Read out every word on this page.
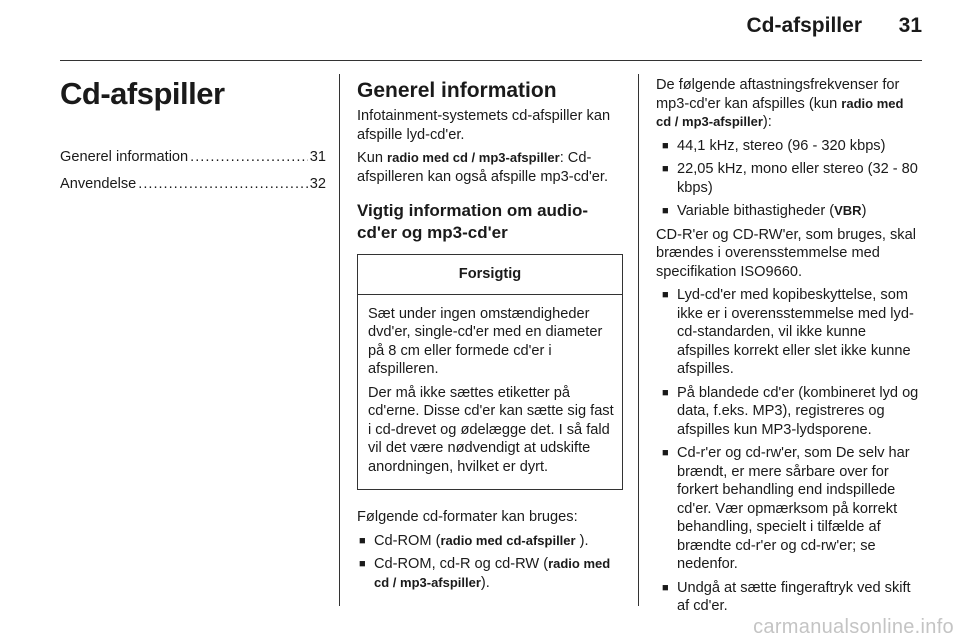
Cd-afspiller 31
Cd-afspiller
Generel information .....	31
Anvendelse .....	32
Generel information
Infotainment-systemets cd-afspiller kan afspille lyd-cd'er.
Kun radio med cd / mp3-afspiller: Cd-afspilleren kan også afspille mp3-cd'er.
Vigtig information om audio-cd'er og mp3-cd'er
Forsigtig
Sæt under ingen omstændigheder dvd'er, single-cd'er med en diameter på 8 cm eller formede cd'er i afspilleren.
Der må ikke sættes etiketter på cd'erne. Disse cd'er kan sætte sig fast i cd-drevet og ødelægge det. I så fald vil det være nødvendigt at udskifte anordningen, hvilket er dyrt.
Følgende cd-formater kan bruges:
■ Cd-ROM (radio med cd-afspiller ).
■ Cd-ROM, cd-R og cd-RW (radio med cd / mp3-afspiller).
De følgende aftastningsfrekvenser for mp3-cd'er kan afspilles (kun radio med cd / mp3-afspiller):
■ 44,1 kHz, stereo (96 - 320 kbps)
■ 22,05 kHz, mono eller stereo (32 - 80 kbps)
■ Variable bithastigheder (VBR)
CD-R'er og CD-RW'er, som bruges, skal brændes i overensstemmelse med specifikation ISO9660.
■ Lyd-cd'er med kopibeskyttelse, som ikke er i overensstemmelse med lyd-cd-standarden, vil ikke kunne afspilles korrekt eller slet ikke kunne afspilles.
■ På blandede cd'er (kombineret lyd og data, f.eks. MP3), registreres og afspilles kun MP3-lydsporene.
■ Cd-r'er og cd-rw'er, som De selv har brændt, er mere sårbare over for forkert behandling end indspillede cd'er. Vær opmærksom på korrekt behandling, specielt i tilfælde af brændte cd-r'er og cd-rw'er; se nedenfor.
■ Undgå at sætte fingeraftryk ved skift af cd'er.
carmanualsonline.info
